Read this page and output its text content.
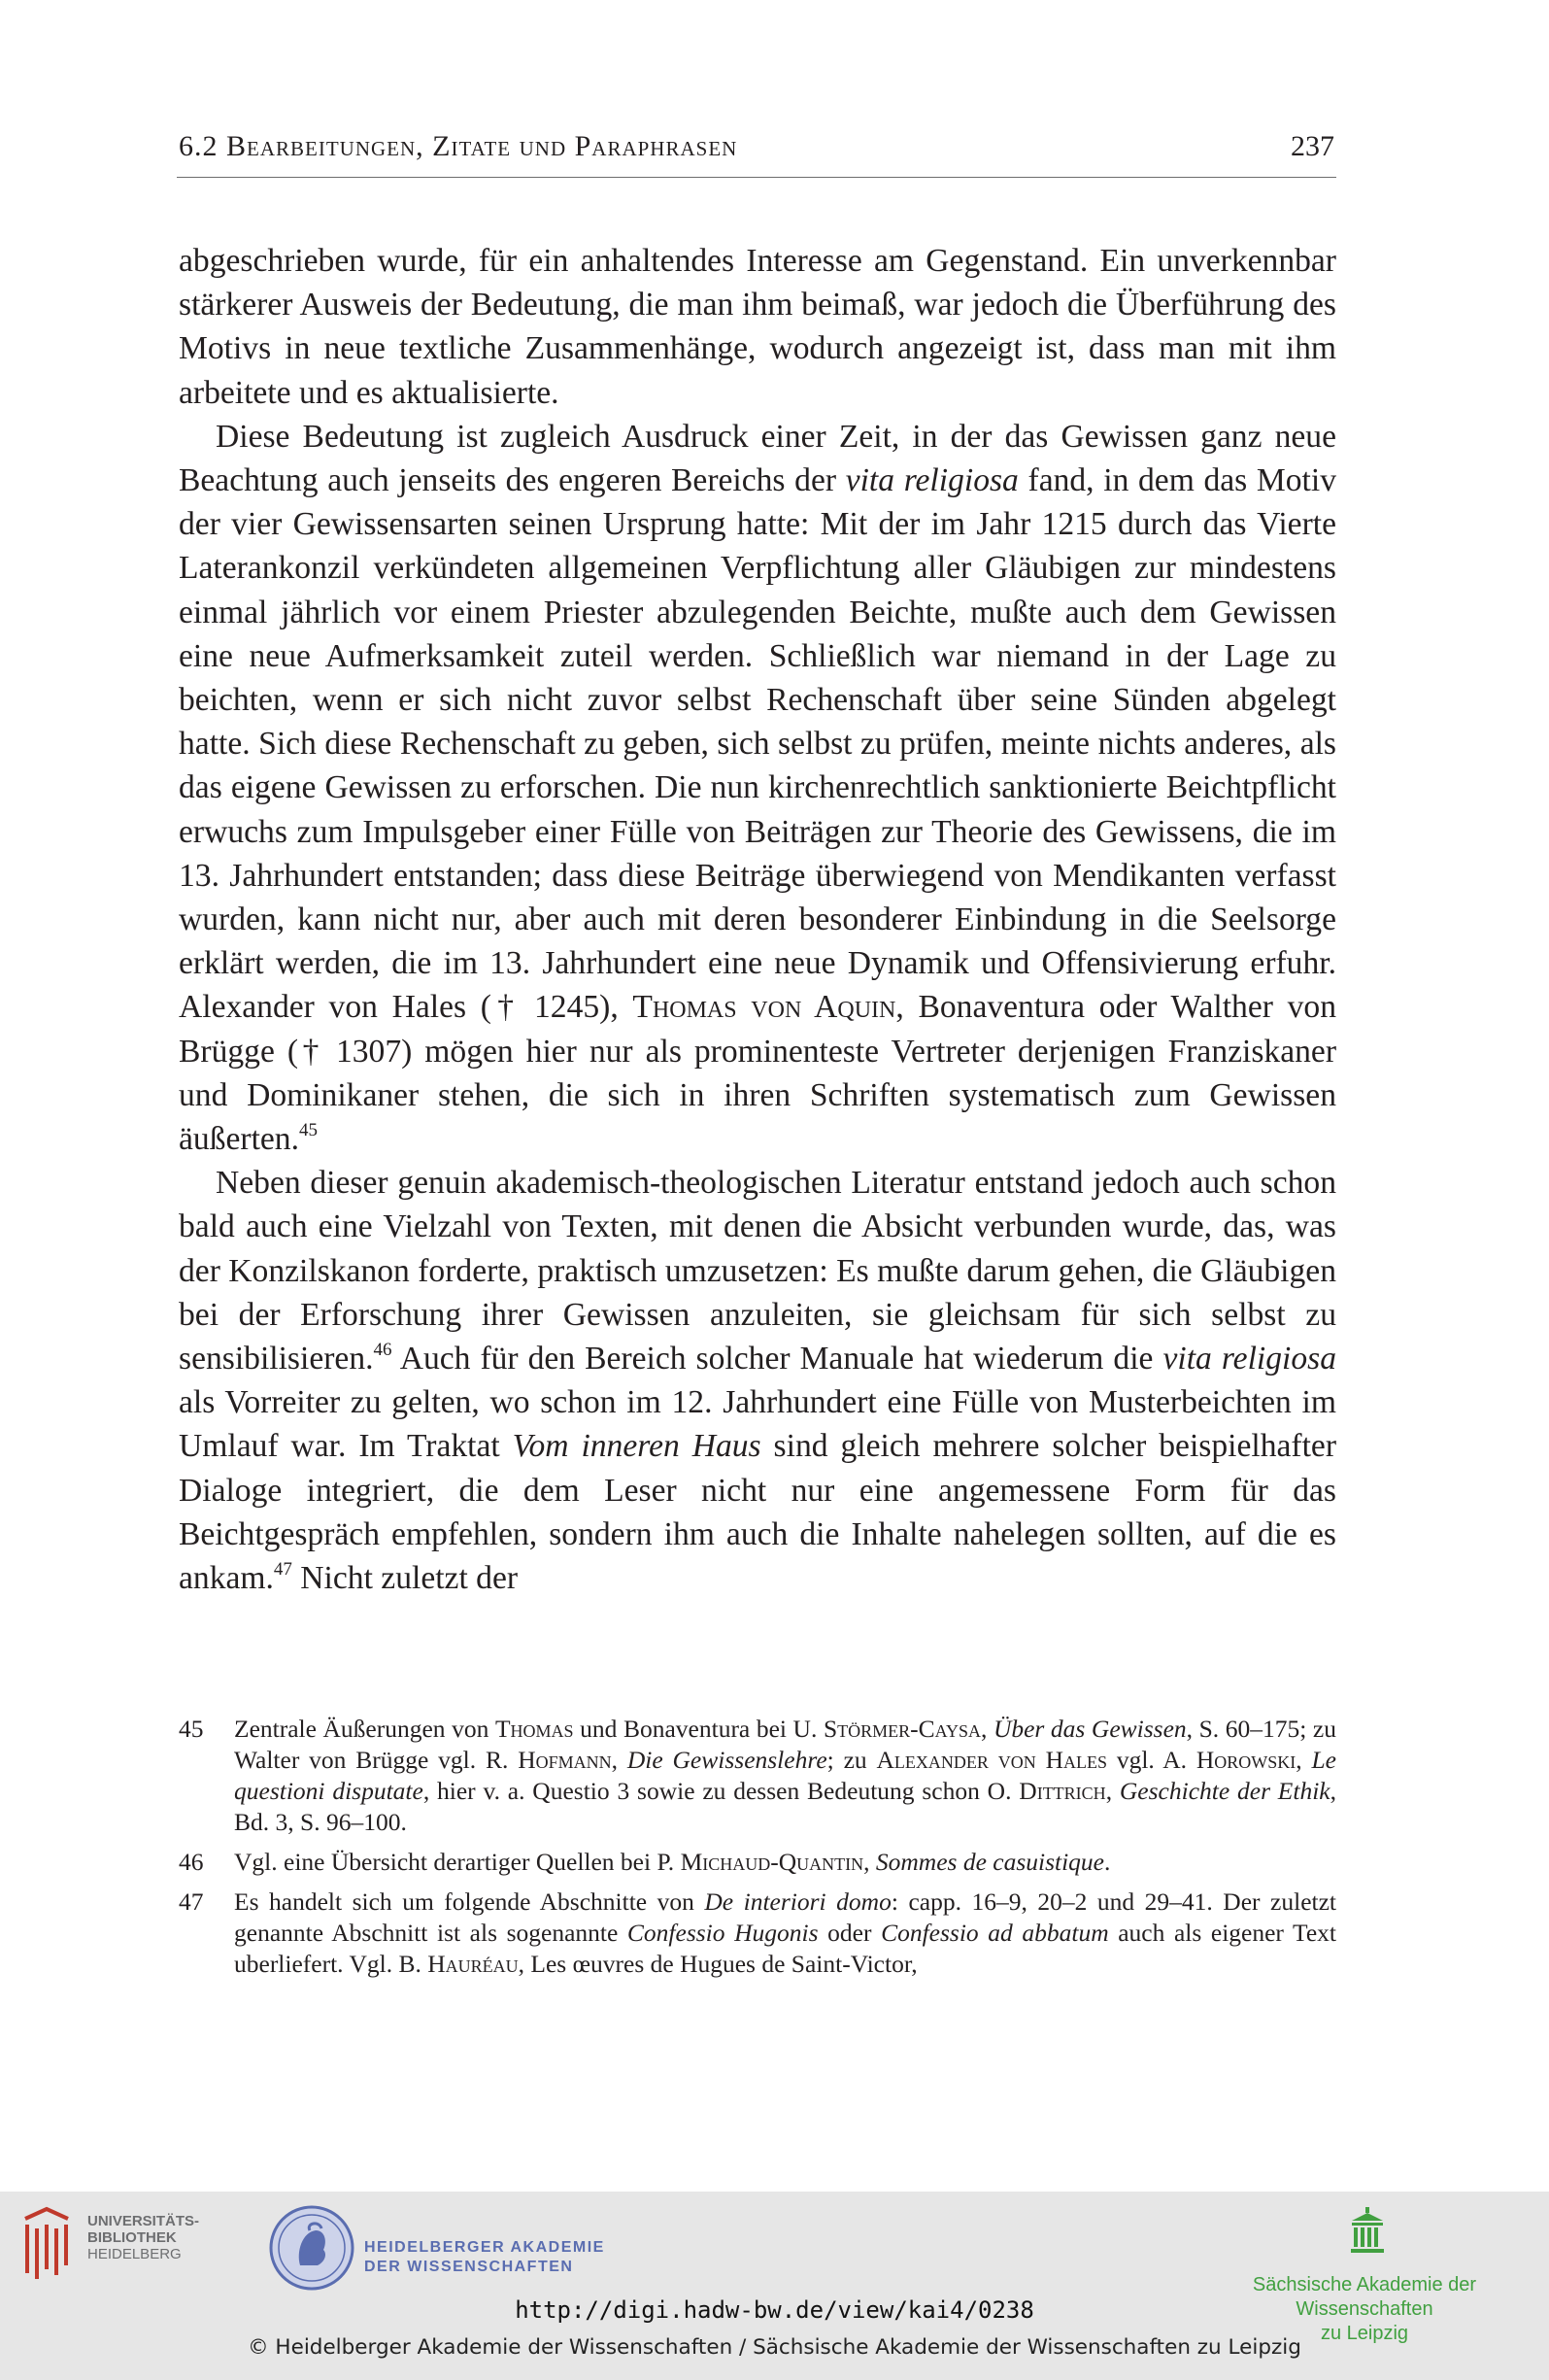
6.2 Bearbeitungen, Zitate und Paraphrasen	237

abgeschrieben wurde, für ein anhaltendes Interesse am Gegenstand. Ein unverkennbar stärkerer Ausweis der Bedeutung, die man ihm beimaß, war jedoch die Überführung des Motivs in neue textliche Zusammenhänge, wodurch angezeigt ist, dass man mit ihm arbeitete und es aktualisierte.

Diese Bedeutung ist zugleich Ausdruck einer Zeit, in der das Gewissen ganz neue Beachtung auch jenseits des engeren Bereichs der vita religiosa fand, in dem das Motiv der vier Gewissensarten seinen Ursprung hatte: Mit der im Jahr 1215 durch das Vierte Laterankonzil verkündeten allgemeinen Verpflichtung aller Gläubigen zur mindestens einmal jährlich vor einem Priester abzulegenden Beichte, mußte auch dem Gewissen eine neue Aufmerksamkeit zuteil werden. Schließlich war niemand in der Lage zu beichten, wenn er sich nicht zuvor selbst Rechenschaft über seine Sünden abgelegt hatte. Sich diese Rechenschaft zu geben, sich selbst zu prüfen, meinte nichts anderes, als das eigene Gewissen zu erforschen. Die nun kirchenrechtlich sanktionierte Beichtpflicht erwuchs zum Impulsgeber einer Fülle von Beiträgen zur Theorie des Gewissens, die im 13. Jahrhundert entstanden; dass diese Beiträge überwiegend von Mendikanten verfasst wurden, kann nicht nur, aber auch mit deren besonderer Einbindung in die Seelsorge erklärt werden, die im 13. Jahrhundert eine neue Dynamik und Offensivierung erfuhr. Alexander von Hales († 1245), Thomas von Aquin, Bonaventura oder Walther von Brügge († 1307) mögen hier nur als prominenteste Vertreter derjenigen Franziskaner und Dominikaner stehen, die sich in ihren Schriften systematisch zum Gewissen äußerten.$^{45}$

Neben dieser genuin akademisch-theologischen Literatur entstand jedoch auch schon bald auch eine Vielzahl von Texten, mit denen die Absicht verbunden wurde, das, was der Konzilskanon forderte, praktisch umzusetzen: Es mußte darum gehen, die Gläubigen bei der Erforschung ihrer Gewissen anzuleiten, sie gleichsam für sich selbst zu sensibilisieren.$^{46}$ Auch für den Bereich solcher Manuale hat wiederum die vita religiosa als Vorreiter zu gelten, wo schon im 12. Jahrhundert eine Fülle von Musterbeichten im Umlauf war. Im Traktat Vom inneren Haus sind gleich mehrere solcher beispielhafter Dialoge integriert, die dem Leser nicht nur eine angemessene Form für das Beichtgespräch empfehlen, sondern ihm auch die Inhalte nahelegen sollten, auf die es ankam.$^{47}$ Nicht zuletzt der

45 Zentrale Äußerungen von Thomas und Bonaventura bei U. Störmer-Caysa, Über das Gewissen, S. 60–175; zu Walter von Brügge vgl. R. Hofmann, Die Gewissenslehre; zu Alexander von Hales vgl. A. Horowski, Le questioni disputate, hier v. a. Questio 3 sowie zu dessen Bedeutung schon O. Dittrich, Geschichte der Ethik, Bd. 3, S. 96–100.
46 Vgl. eine Übersicht derartiger Quellen bei P. Michaud-Quantin, Sommes de casuistique.
47 Es handelt sich um folgende Abschnitte von De interiori domo: capp. 16–9, 20–2 und 29–41. Der zuletzt genannte Abschnitt ist als sogenannte Confessio Hugonis oder Confessio ad abbatum auch als eigener Text uberliefert. Vgl. B. Hauréau, Les œuvres de Hugues de Saint-Victor,
UNIVERSITÄTS-
BIBLIOTHEK
HEIDELBERG	HEIDELBERGER AKADEMIE
DER WISSENSCHAFTEN
Sächsische Akademie der Wissenschaften
zu Leipzig
http://digi.hadw-bw.de/view/kai4/0238
© Heidelberger Akademie der Wissenschaften / Sächsische Akademie der Wissenschaften zu Leipzig
